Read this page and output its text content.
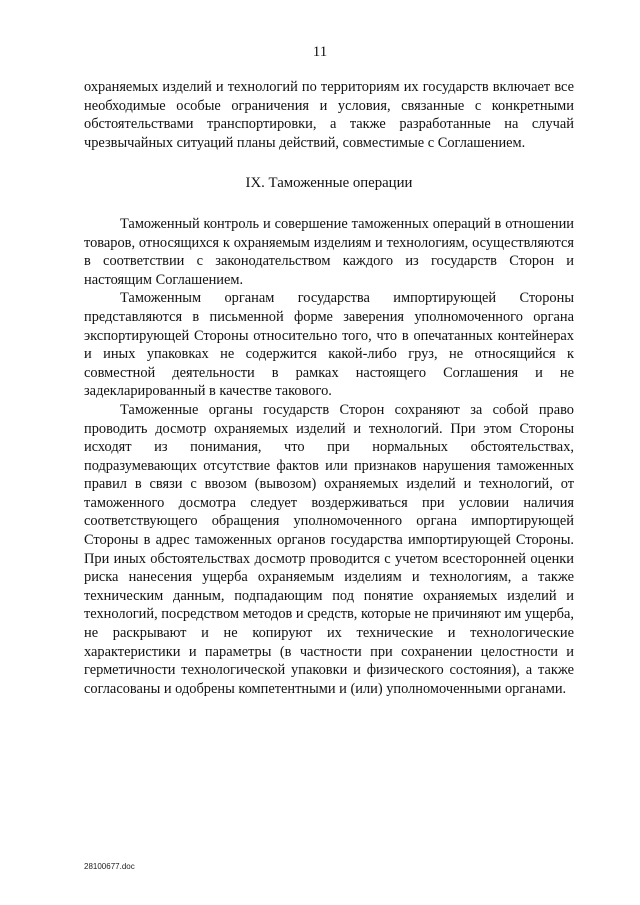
11

охраняемых изделий и технологий по территориям их государств включает все необходимые особые ограничения и условия, связанные с конкретными обстоятельствами транспортировки, а также разработанные на случай чрезвычайных ситуаций планы действий, совместимые с Соглашением.

IX. Таможенные операции

Таможенный контроль и совершение таможенных операций в отношении товаров, относящихся к охраняемым изделиям и технологиям, осуществляются в соответствии с законодательством каждого из государств Сторон и настоящим Соглашением.

Таможенным органам государства импортирующей Стороны представляются в письменной форме заверения уполномоченного органа экспортирующей Стороны относительно того, что в опечатанных контейнерах и иных упаковках не содержится какой-либо груз, не относящийся к совместной деятельности в рамках настоящего Соглашения и не задекларированный в качестве такового.

Таможенные органы государств Сторон сохраняют за собой право проводить досмотр охраняемых изделий и технологий. При этом Стороны исходят из понимания, что при нормальных обстоятельствах, подразумевающих отсутствие фактов или признаков нарушения таможенных правил в связи с ввозом (вывозом) охраняемых изделий и технологий, от таможенного досмотра следует воздерживаться при условии наличия соответствующего обращения уполномоченного органа импортирующей Стороны в адрес таможенных органов государства импортирующей Стороны. При иных обстоятельствах досмотр проводится с учетом всесторонней оценки риска нанесения ущерба охраняемым изделиям и технологиям, а также техническим данным, подпадающим под понятие охраняемых изделий и технологий, посредством методов и средств, которые не причиняют им ущерба, не раскрывают и не копируют их технические и технологические характеристики и параметры (в частности при сохранении целостности и герметичности технологической упаковки и физического состояния), а также согласованы и одобрены компетентными и (или) уполномоченными органами.

28100677.doc
